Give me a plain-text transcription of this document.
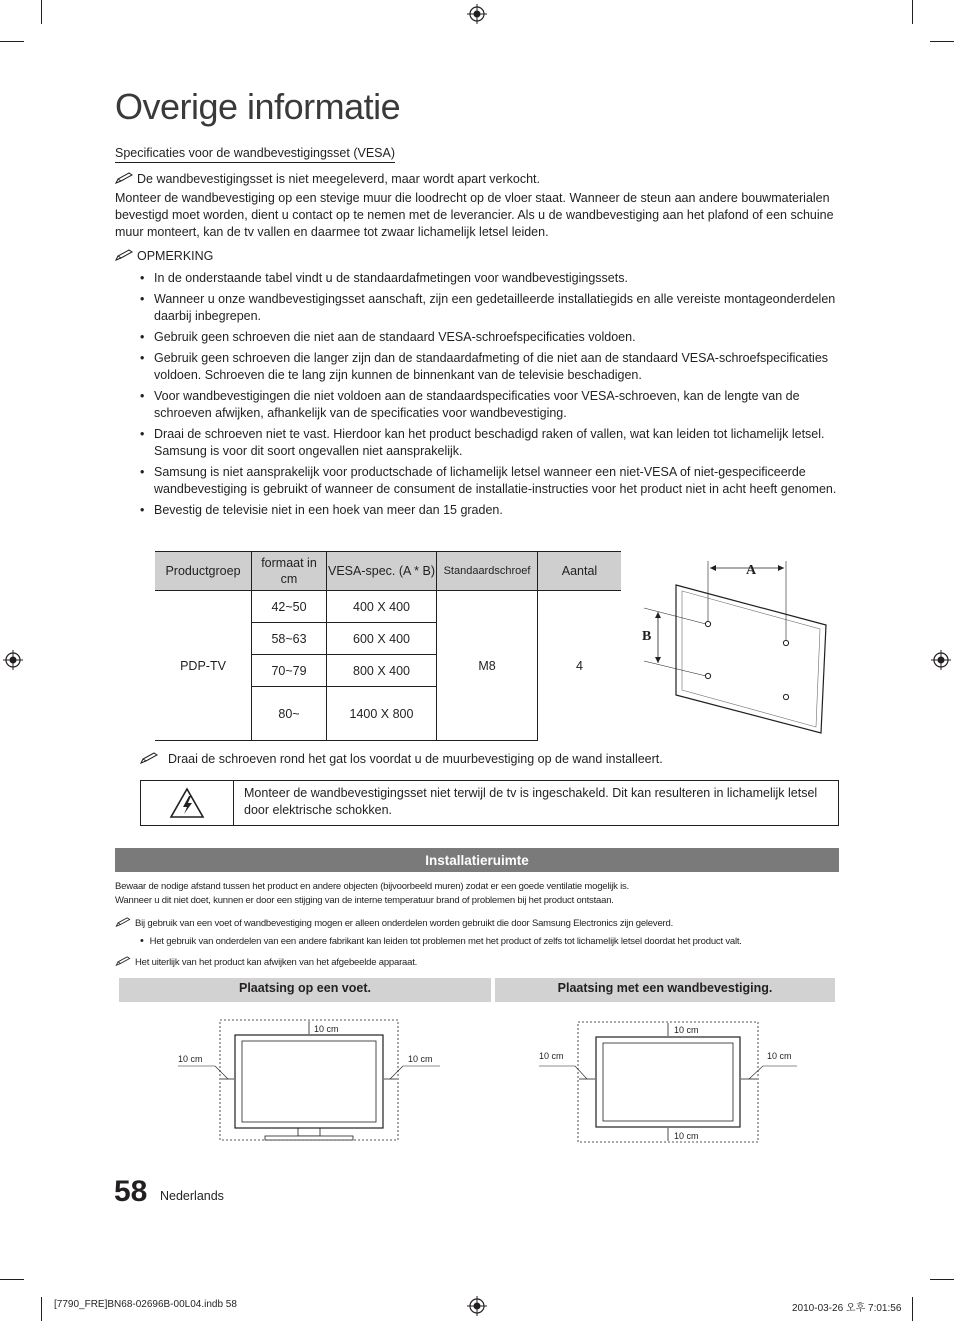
Overige informatie
Specificaties voor de wandbevestigingsset (VESA)
De wandbevestigingsset is niet meegeleverd, maar wordt apart verkocht.
Monteer de wandbevestiging op een stevige muur die loodrecht op de vloer staat. Wanneer de steun aan andere bouwmaterialen bevestigd moet worden, dient u contact op te nemen met de leverancier. Als u de wandbevestiging aan het plafond of een schuine muur monteert, kan de tv vallen en daarmee tot zwaar lichamelijk letsel leiden.
OPMERKING
• In de onderstaande tabel vindt u de standaardafmetingen voor wandbevestigingssets.
• Wanneer u onze wandbevestigingsset aanschaft, zijn een gedetailleerde installatiegids en alle vereiste montageonderdelen daarbij inbegrepen.
• Gebruik geen schroeven die niet aan de standaard VESA-schroefspecificaties voldoen.
• Gebruik geen schroeven die langer zijn dan de standaardafmeting of die niet aan de standaard VESA-schroefspecificaties voldoen. Schroeven die te lang zijn kunnen de binnenkant van de televisie beschadigen.
• Voor wandbevestigingen die niet voldoen aan de standaardspecificaties voor VESA-schroeven, kan de lengte van de schroeven afwijken, afhankelijk van de specificaties voor wandbevestiging.
• Draai de schroeven niet te vast. Hierdoor kan het product beschadigd raken of vallen, wat kan leiden tot lichamelijk letsel. Samsung is voor dit soort ongevallen niet aansprakelijk.
• Samsung is niet aansprakelijk voor productschade of lichamelijk letsel wanneer een niet-VESA of niet-gespecificeerde wandbevestiging is gebruikt of wanneer de consument de installatie-instructies voor het product niet in acht heeft genomen.
• Bevestig de televisie niet in een hoek van meer dan 15 graden.
Productgroep	formaat in cm	VESA-spec. (A * B)	Standaardschroef	Aantal
PDP-TV	42~50	400 X 400	M8	4
	58~63	600 X 400		
	70~79	800 X 400		
	80~	1400 X 800		
A
B
Draai de schroeven rond het gat los voordat u de muurbevestiging op de wand installeert.
Monteer de wandbevestigingsset niet terwijl de tv is ingeschakeld. Dit kan resulteren in lichamelijk letsel door elektrische schokken.
Installatieruimte
Bewaar de nodige afstand tussen het product en andere objecten (bijvoorbeeld muren) zodat er een goede ventilatie mogelijk is.
Wanneer u dit niet doet, kunnen er door een stijging van de interne temperatuur brand of problemen bij het product ontstaan.
Bij gebruik van een voet of wandbevestiging mogen er alleen onderdelen worden gebruikt die door Samsung Electronics zijn geleverd.
• Het gebruik van onderdelen van een andere fabrikant kan leiden tot problemen met het product of zelfs tot lichamelijk letsel doordat het product valt.
Het uiterlijk van het product kan afwijken van het afgebeelde apparaat.
Plaatsing op een voet.	Plaatsing met een wandbevestiging.
10 cm
10 cm	10 cm
10 cm
10 cm
10 cm	10 cm
58 Nederlands
[7790_FRE]BN68-02696B-00L04.indb 58	2010-03-26 오후 7:01:56
